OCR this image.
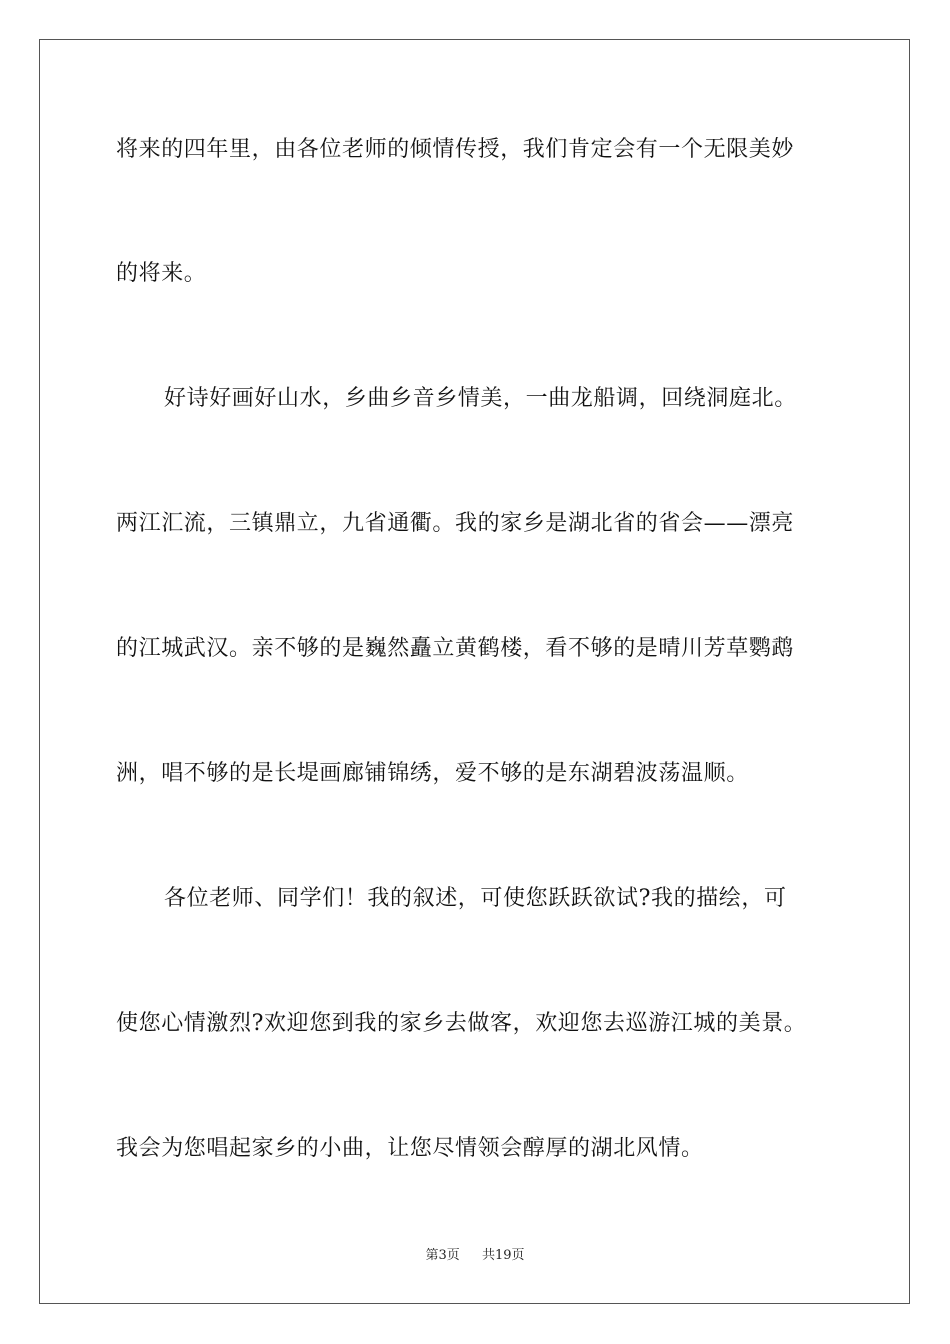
将来的四年里，由各位老师的倾情传授，我们肯定会有一个无限美妙

的将来。

好诗好画好山水，乡曲乡音乡情美，一曲龙船调，回绕洞庭北。

两江汇流，三镇鼎立，九省通衢。我的家乡是湖北省的省会——漂亮

的江城武汉。亲不够的是巍然矗立黄鹤楼，看不够的是晴川芳草鹦鹉

洲，唱不够的是长堤画廊铺锦绣，爱不够的是东湖碧波荡温顺。

各位老师、同学们！我的叙述，可使您跃跃欲试?我的描绘，可

使您心情激烈?欢迎您到我的家乡去做客，欢迎您去巡游江城的美景。

我会为您唱起家乡的小曲，让您尽情领会醇厚的湖北风情。

第3页 共19页
